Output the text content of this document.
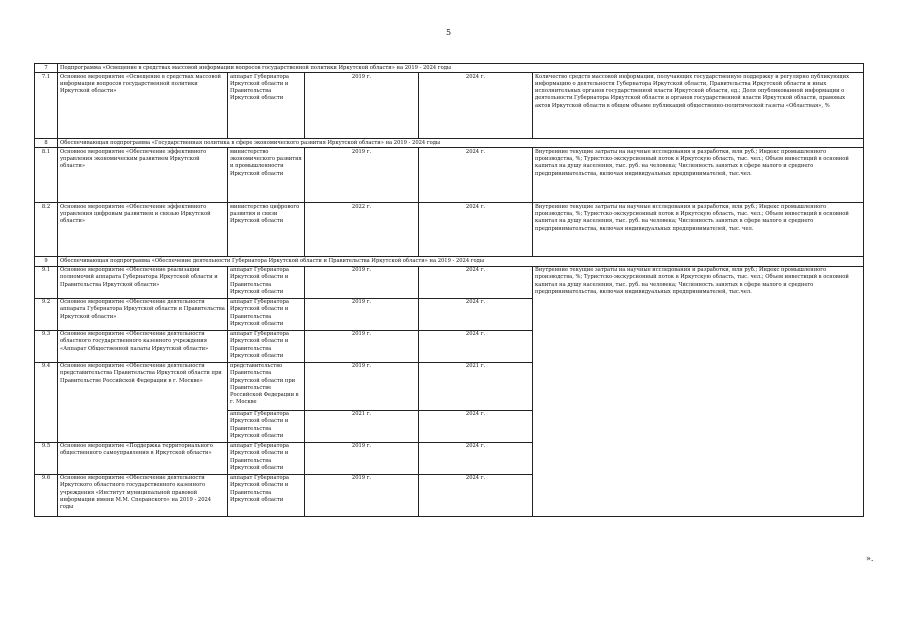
5
7	Подпрограмма «Освещение в средствах массовой информации вопросов государственной политики Иркутской области» на 2019 - 2024 годы				
7.1	Основное мероприятие «Освещение в средствах массовой информации вопросов государственной политики Иркутской области»	аппарат Губернатора Иркутской области и Правительства Иркутской области	2019 г.	2024 г.	Количество средств массовой информации, получающих государственную поддержку и регулярно публикующих информацию о деятельности Губернатора Иркутской области, Правительства Иркутской области и иных исполнительных органов государственной власти Иркутской области, ед.; Доля опубликованной информации о деятельности Губернатора Иркутской области и органов государственной власти Иркутской области, правовых актов Иркутской области в общем объеме публикаций общественно-политической газеты «Областная», %
8	Обеспечивающая подпрограмма «Государственная политика в сфере экономического развития Иркутской области» на 2019 - 2024 годы				
8.1	Основное мероприятие «Обеспечение эффективного управления экономическим развитием Иркутской области»	министерство экономического развития и промышленности Иркутской области	2019 г.	2024 г.	Внутренние текущие затраты на научные исследования и разработки, млн руб.; Индекс промышленного производства, %; Туристско-экскурсионный поток в Иркутскую область, тыс. чел.; Объем инвестиций в основной капитал на душу населения, тыс. руб. на человека; Численность занятых в сфере малого и среднего предпринимательства, включая индивидуальных предпринимателей, тыс.чел.
8.2	Основное мероприятие «Обеспечение эффективного управления цифровым развитием и связью Иркутской области»	министерство цифрового развития и связи Иркутской области	2022 г.	2024 г.	Внутренние текущие затраты на научные исследования и разработки, млн руб.; Индекс промышленного производства, %; Туристско-экскурсионный поток в Иркутскую область, тыс. чел.; Объем инвестиций в основной капитал на душу населения, тыс. руб. на человека; Численность занятых в сфере малого и среднего предпринимательства, включая индивидуальных предпринимателей, тыс. чел.
9	Обеспечивающая подпрограмма «Обеспечение деятельности Губернатора Иркутской области и Правительства Иркутской области» на 2019 - 2024 годы				
9.1	Основное мероприятие «Обеспечение реализации полномочий аппарата Губернатора Иркутской области и Правительства Иркутской области»	аппарат Губернатора Иркутской области и Правительства Иркутской области	2019 г.	2024 г.	Внутренние текущие затраты на научные исследования и разработки, млн руб.; Индекс промышленного производства, %; Туристско-экскурсионный поток в Иркутскую область, тыс. чел.; Объем инвестиций в основной капитал на душу населения, тыс. руб. на человека; Численность занятых в сфере малого и среднего предпринимательства, включая индивидуальных предпринимателей, тыс.чел.
9.2	Основное мероприятие «Обеспечение деятельности аппарата Губернатора Иркутской области и Правительства Иркутской области»	аппарат Губернатора Иркутской области и Правительства Иркутской области	2019 г.	2024 г.	
9.3	Основное мероприятие «Обеспечение деятельности областного государственного казенного учреждения «Аппарат Общественной палаты Иркутской области»	аппарат Губернатора Иркутской области и Правительства Иркутской области	2019 г.	2024 г.	
9.4	Основное мероприятие «Обеспечение деятельности представительства Правительства Иркутской области при Правительстве Российской Федерации в г. Москве»	представительство Правительства Иркутской области при Правительстве Российской Федерации в г. Москве	2019 г.	2021 г.	
		аппарат Губернатора Иркутской области и Правительства Иркутской области	2021 г.	2024 г.	
9.5	Основное мероприятие «Поддержка территориального общественного самоуправления в Иркутской области»	аппарат Губернатора Иркутской области и Правительства Иркутской области	2019 г.	2024 г.	
9.6	Основное мероприятие «Обеспечение деятельности Иркутского областного государственного казенного учреждения «Институт муниципальной правовой информации имени М.М. Сперанского» на 2019 - 2024 годы	аппарат Губернатора Иркутской области и Правительства Иркутской области	2019 г.	2024 г.	
».
